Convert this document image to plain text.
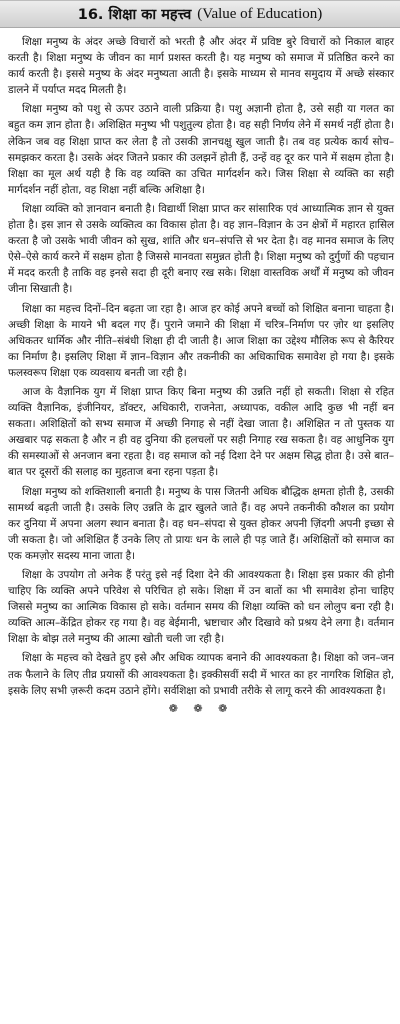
16. शिक्षा का महत्त्व (Value of Education)

शिक्षा मनुष्य के अंदर अच्छे विचारों को भरती है और अंदर में प्रविष्ट बुरे विचारों को निकाल बाहर करती है। शिक्षा मनुष्य के जीवन का मार्ग प्रशस्त करती है। यह मनुष्य को समाज में प्रतिष्ठित करने का कार्य करती है। इससे मनुष्य के अंदर मनुष्यता आती है। इसके माध्यम से मानव समुदाय में अच्छे संस्कार डालने में पर्याप्त मदद मिलती है।

शिक्षा मनुष्य को पशु से ऊपर उठाने वाली प्रक्रिया है। पशु अज्ञानी होता है, उसे सही या गलत का बहुत कम ज्ञान होता है। अशिक्षित मनुष्य भी पशुतुल्य होता है। वह सही निर्णय लेने में समर्थ नहीं होता है। लेकिन जब वह शिक्षा प्राप्त कर लेता है तो उसकी ज्ञानचक्षु खुल जाती है। तब वह प्रत्येक कार्य सोच–समझकर करता है। उसके अंदर जितने प्रकार की उलझनें होती हैं, उन्हें वह दूर कर पाने में सक्षम होता है। शिक्षा का मूल अर्थ यही है कि वह व्यक्ति का उचित मार्गदर्शन करे। जिस शिक्षा से व्यक्ति का सही मार्गदर्शन नहीं होता, वह शिक्षा नहीं बल्कि अशिक्षा है।

शिक्षा व्यक्ति को ज्ञानवान बनाती है। विद्यार्थी शिक्षा प्राप्त कर सांसारिक एवं आध्यात्मिक ज्ञान से युक्त होता है। इस ज्ञान से उसके व्यक्तित्व का विकास होता है। वह ज्ञान–विज्ञान के उन क्षेत्रों में महारत हासिल करता है जो उसके भावी जीवन को सुख, शांति और धन–संपत्ति से भर देता है। वह मानव समाज के लिए ऐसे–ऐसे कार्य करने में सक्षम होता है जिससे मानवता समुन्नत होती है। शिक्षा मनुष्य को दुर्गुणों की पहचान में मदद करती है ताकि वह इनसे सदा ही दूरी बनाए रख सके। शिक्षा वास्तविक अर्थों में मनुष्य को जीवन जीना सिखाती है।

शिक्षा का महत्त्व दिनों–दिन बढ़ता जा रहा है। आज हर कोई अपने बच्चों को शिक्षित बनाना चाहता है। अच्छी शिक्षा के मायने भी बदल गए हैं। पुराने जमाने की शिक्षा में चरित्र–निर्माण पर ज़ोर था इसलिए अधिकतर धार्मिक और नीति–संबंधी शिक्षा ही दी जाती है। आज शिक्षा का उद्देश्य मौलिक रूप से कैरियर का निर्माण है। इसलिए शिक्षा में ज्ञान–विज्ञान और तकनीकी का अधिकाधिक समावेश हो गया है। इसके फलस्वरूप शिक्षा एक व्यवसाय बनती जा रही है।

आज के वैज्ञानिक युग में शिक्षा प्राप्त किए बिना मनुष्य की उन्नति नहीं हो सकती। शिक्षा से रहित व्यक्ति वैज्ञानिक, इंजीनियर, डॉक्टर, अधिकारी, राजनेता, अध्यापक, वकील आदि कुछ भी नहीं बन सकता। अशिक्षितों को सभ्य समाज में अच्छी निगाह से नहीं देखा जाता है। अशिक्षित न तो पुस्तक या अखबार पढ़ सकता है और न ही वह दुनिया की हलचलों पर सही निगाह रख सकता है। वह आधुनिक युग की समस्याओं से अनजान बना रहता है। वह समाज को नई दिशा देने पर अक्षम सिद्ध होता है। उसे बात–बात पर दूसरों की सलाह का मुहताज बना रहना पड़ता है।

शिक्षा मनुष्य को शक्तिशाली बनाती है। मनुष्य के पास जितनी अधिक बौद्धिक क्षमता होती है, उसकी सामर्थ्य बढ़ती जाती है। उसके लिए उन्नति के द्वार खुलते जाते हैं। वह अपने तकनीकी कौशल का प्रयोग कर दुनिया में अपना अलग स्थान बनाता है। वह धन–संपदा से युक्त होकर अपनी ज़िंदगी अपनी इच्छा से जी सकता है। जो अशिक्षित हैं उनके लिए तो प्रायः धन के लाले ही पड़ जाते हैं। अशिक्षितों को समाज का एक कमज़ोर सदस्य माना जाता है।

शिक्षा के उपयोग तो अनेक हैं परंतु इसे नई दिशा देने की आवश्यकता है। शिक्षा इस प्रकार की होनी चाहिए कि व्यक्ति अपने परिवेश से परिचित हो सके। शिक्षा में उन बातों का भी समावेश होना चाहिए जिससे मनुष्य का आत्मिक विकास हो सके। वर्तमान समय की शिक्षा व्यक्ति को धन लोलुप बना रही है। व्यक्ति आत्म–केंद्रित होकर रह गया है। वह बेईमानी, भ्रष्टाचार और दिखावे को प्रश्रय देने लगा है। वर्तमान शिक्षा के बोझ तले मनुष्य की आत्मा खोती चली जा रही है।

शिक्षा के महत्त्व को देखते हुए इसे और अधिक व्यापक बनाने की आवश्यकता है। शिक्षा को जन–जन तक फैलाने के लिए तीव्र प्रयासों की आवश्यकता है। इक्कीसवीं सदी में भारत का हर नागरिक शिक्षित हो, इसके लिए सभी ज़रूरी कदम उठाने होंगे। सर्वशिक्षा को प्रभावी तरीके से लागू करने की आवश्यकता है।

❁ ❁ ❁
